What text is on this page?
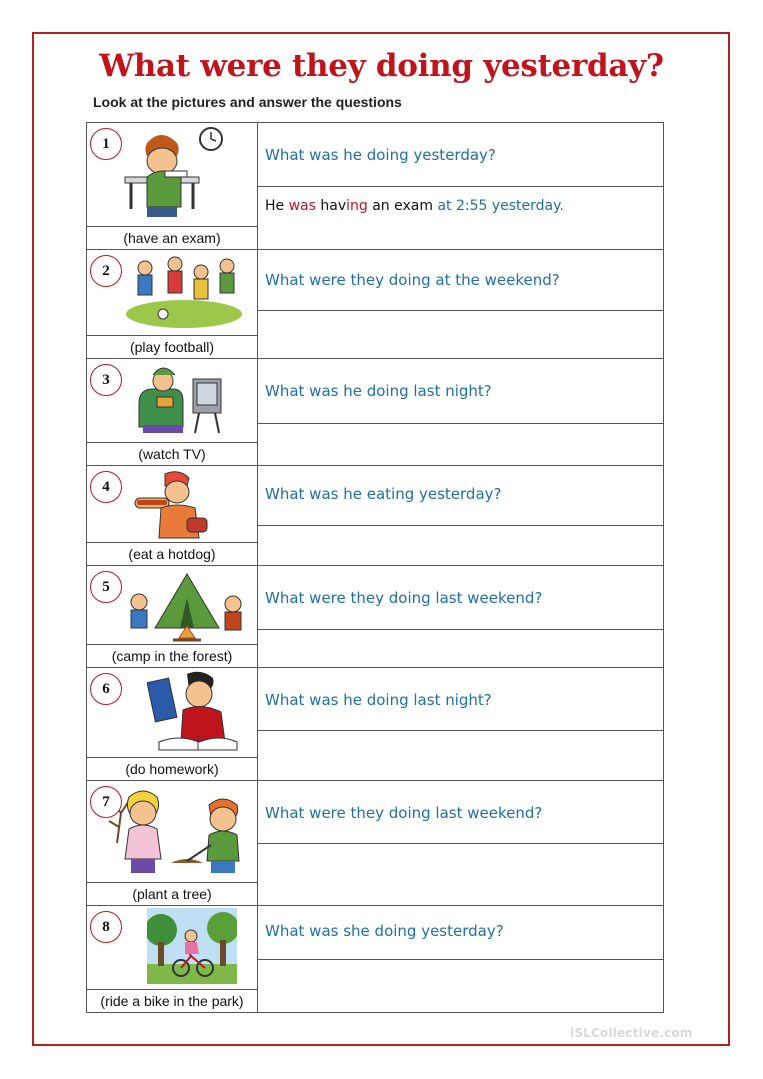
What were they doing yesterday?
Look at the pictures and answer the questions
1
(have an exam)
What was he doing yesterday?
He was having an exam at 2:55 yesterday.
2
(play football)
What were they doing at the weekend?
3
(watch TV)
What was he doing last night?
4
(eat a hotdog)
What was he eating yesterday?
5
(camp in the forest)
What were they doing last weekend?
6
(do homework)
What was he doing last night?
7
(plant a tree)
What were they doing last weekend?
8
(ride a bike in the park)
What was she doing yesterday?
iSLCollective.com
